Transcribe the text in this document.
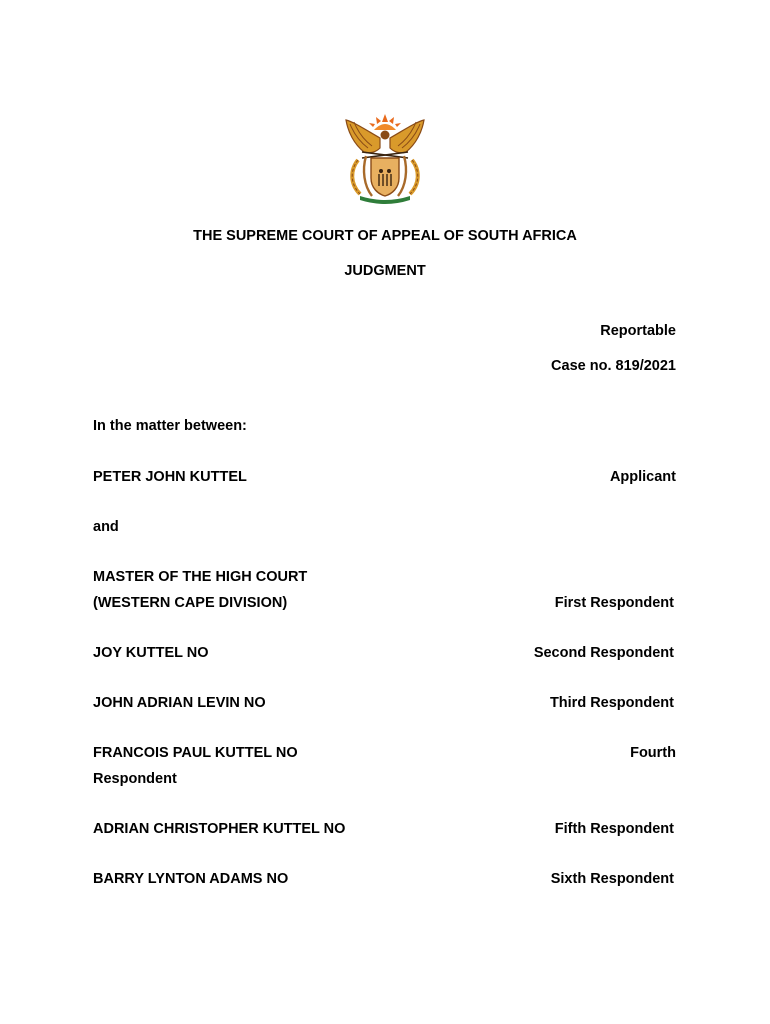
THE SUPREME COURT OF APPEAL OF SOUTH AFRICA
JUDGMENT
Reportable
Case no. 819/2021
In the matter between:
PETER JOHN KUTTEL	Applicant
and
MASTER OF THE HIGH COURT
(WESTERN CAPE DIVISION)	First Respondent
JOY KUTTEL NO	Second Respondent
JOHN ADRIAN LEVIN NO	Third Respondent
FRANCOIS PAUL KUTTEL NO	Fourth
Respondent
ADRIAN CHRISTOPHER KUTTEL NO	Fifth Respondent
BARRY LYNTON ADAMS NO	Sixth Respondent
